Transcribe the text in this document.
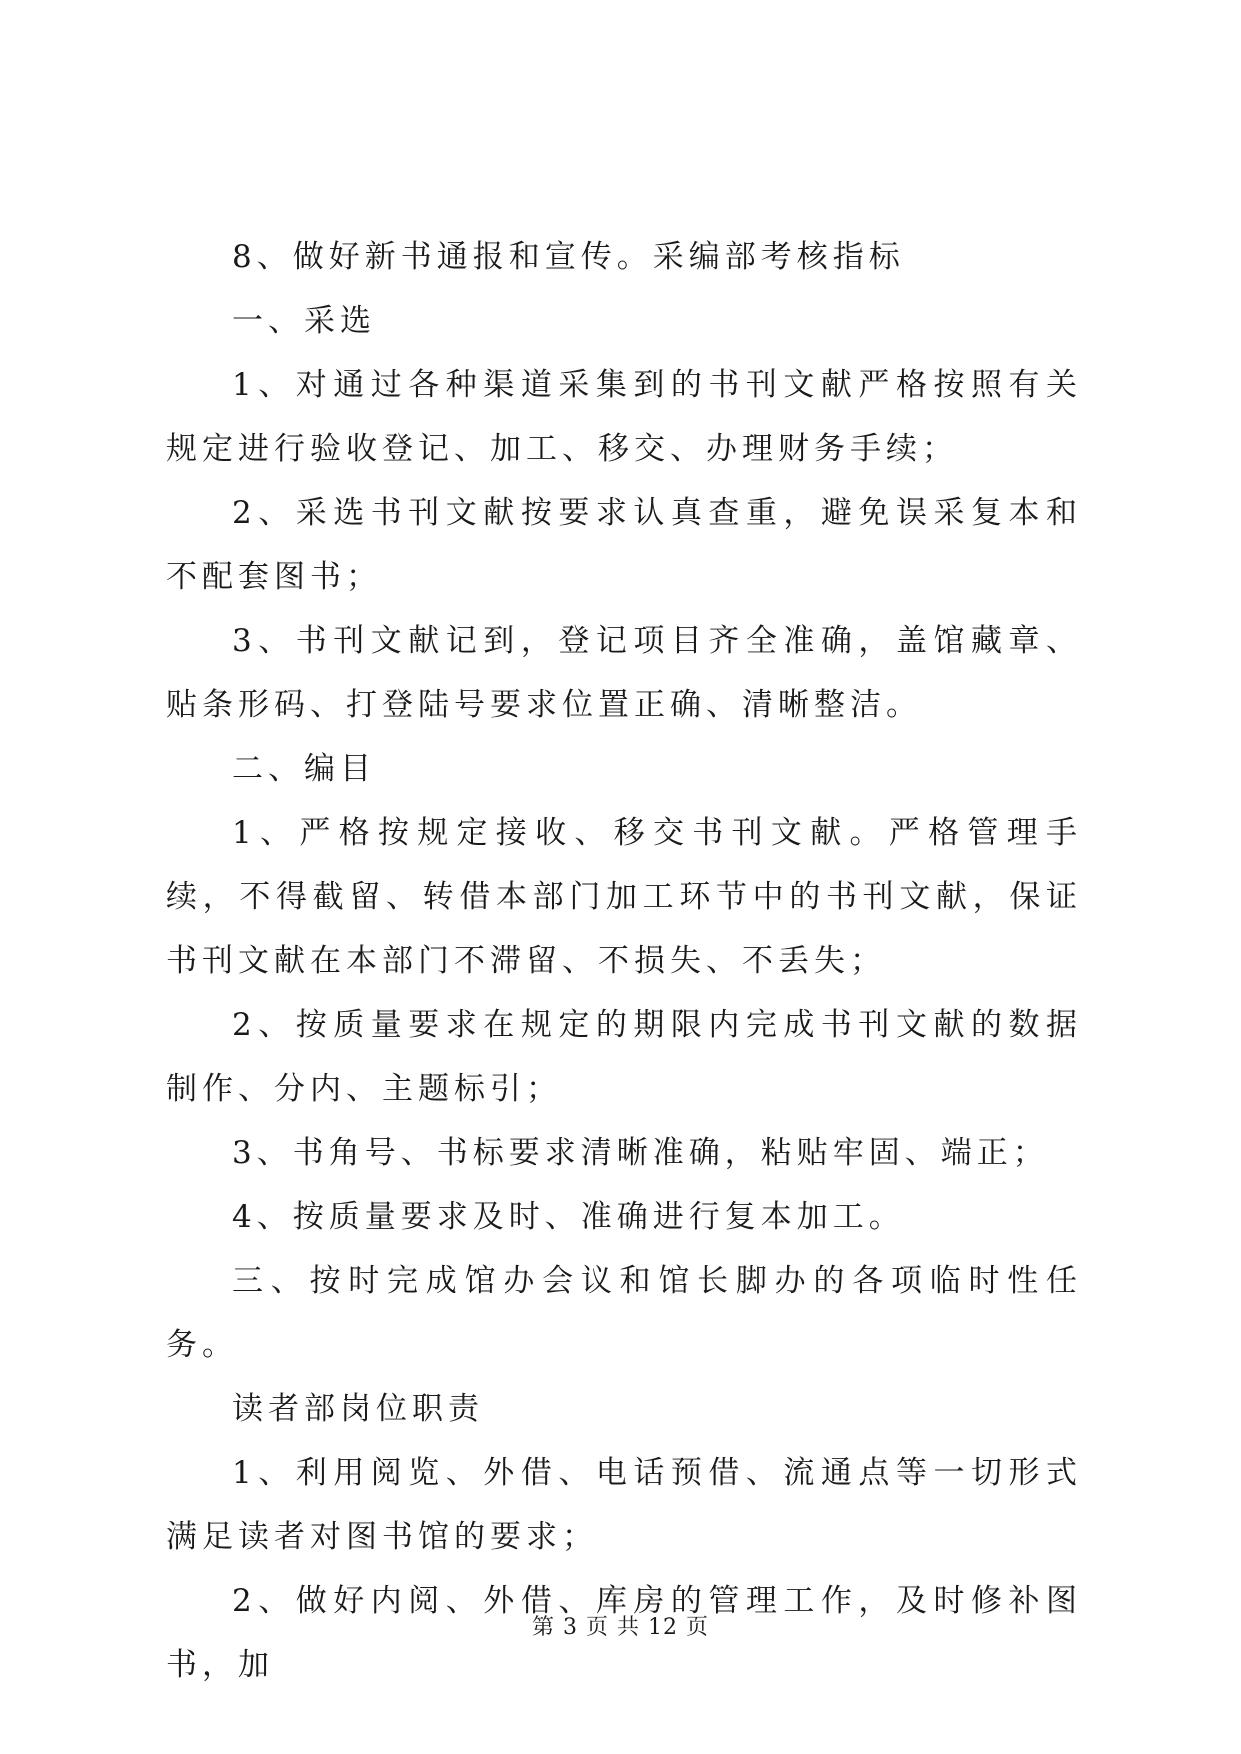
8、做好新书通报和宣传。采编部考核指标

一、采选

1、对通过各种渠道采集到的书刊文献严格按照有关规定进行验收登记、加工、移交、办理财务手续；

2、采选书刊文献按要求认真查重，避免误采复本和不配套图书；

3、书刊文献记到，登记项目齐全准确，盖馆藏章、贴条形码、打登陆号要求位置正确、清晰整洁。

二、编目

1、严格按规定接收、移交书刊文献。严格管理手续，不得截留、转借本部门加工环节中的书刊文献，保证书刊文献在本部门不滞留、不损失、不丢失；

2、按质量要求在规定的期限内完成书刊文献的数据制作、分内、主题标引；

3、书角号、书标要求清晰准确，粘贴牢固、端正；

4、按质量要求及时、准确进行复本加工。

三、按时完成馆办会议和馆长脚办的各项临时性任务。

读者部岗位职责

1、利用阅览、外借、电话预借、流通点等一切形式满足读者对图书馆的要求；

2、做好内阅、外借、库房的管理工作，及时修补图书，加

第 3 页 共 12 页
